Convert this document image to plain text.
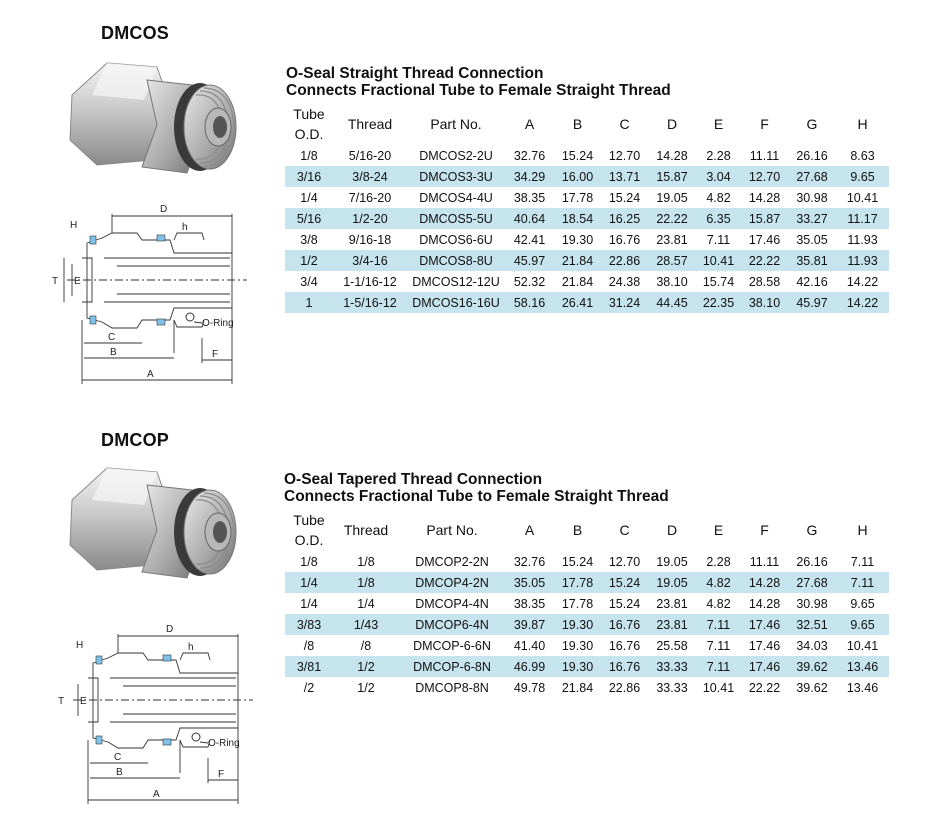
DMCOS
D
H	h
T E
C
B
A
F
O-Ring
O-Seal Straight Thread Connection
Connects Fractional Tube to Female Straight Thread
Tube
O.D.	Thread	Part No.	A	B	C	D	E	F	G	H
1/8	5/16-20	DMCOS2-2U	32.76	15.24	12.70	14.28	2.28	11.11	26.16	8.63
3/16	3/8-24	DMCOS3-3U	34.29	16.00	13.71	15.87	3.04	12.70	27.68	9.65
1/4	7/16-20	DMCOS4-4U	38.35	17.78	15.24	19.05	4.82	14.28	30.98	10.41
5/16	1/2-20	DMCOS5-5U	40.64	18.54	16.25	22.22	6.35	15.87	33.27	11.17
3/8	9/16-18	DMCOS6-6U	42.41	19.30	16.76	23.81	7.11	17.46	35.05	11.93
1/2	3/4-16	DMCOS8-8U	45.97	21.84	22.86	28.57	10.41	22.22	35.81	11.93
3/4	1-1/16-12	DMCOS12-12U	52.32	21.84	24.38	38.10	15.74	28.58	42.16	14.22
1	1-5/16-12	DMCOS16-16U	58.16	26.41	31.24	44.45	22.35	38.10	45.97	14.22
DMCOP
D
H	h
T E
C
B
A
F
O-Ring
O-Seal Tapered Thread Connection
Connects Fractional Tube to Female Straight Thread
Tube
O.D.	Thread	Part No.	A	B	C	D	E	F	G	H
1/8	1/8	DMCOP2-2N	32.76	15.24	12.70	19.05	2.28	11.11	26.16	7.11
1/4	1/8	DMCOP4-2N	35.05	17.78	15.24	19.05	4.82	14.28	27.68	7.11
1/4	1/4	DMCOP4-4N	38.35	17.78	15.24	23.81	4.82	14.28	30.98	9.65
3/83	1/43	DMCOP6-4N	39.87	19.30	16.76	23.81	7.11	17.46	32.51	9.65
/8	/8	DMCOP-6-6N	41.40	19.30	16.76	25.58	7.11	17.46	34.03	10.41
3/81	1/2	DMCOP-6-8N	46.99	19.30	16.76	33.33	7.11	17.46	39.62	13.46
/2	1/2	DMCOP8-8N	49.78	21.84	22.86	33.33	10.41	22.22	39.62	13.46
